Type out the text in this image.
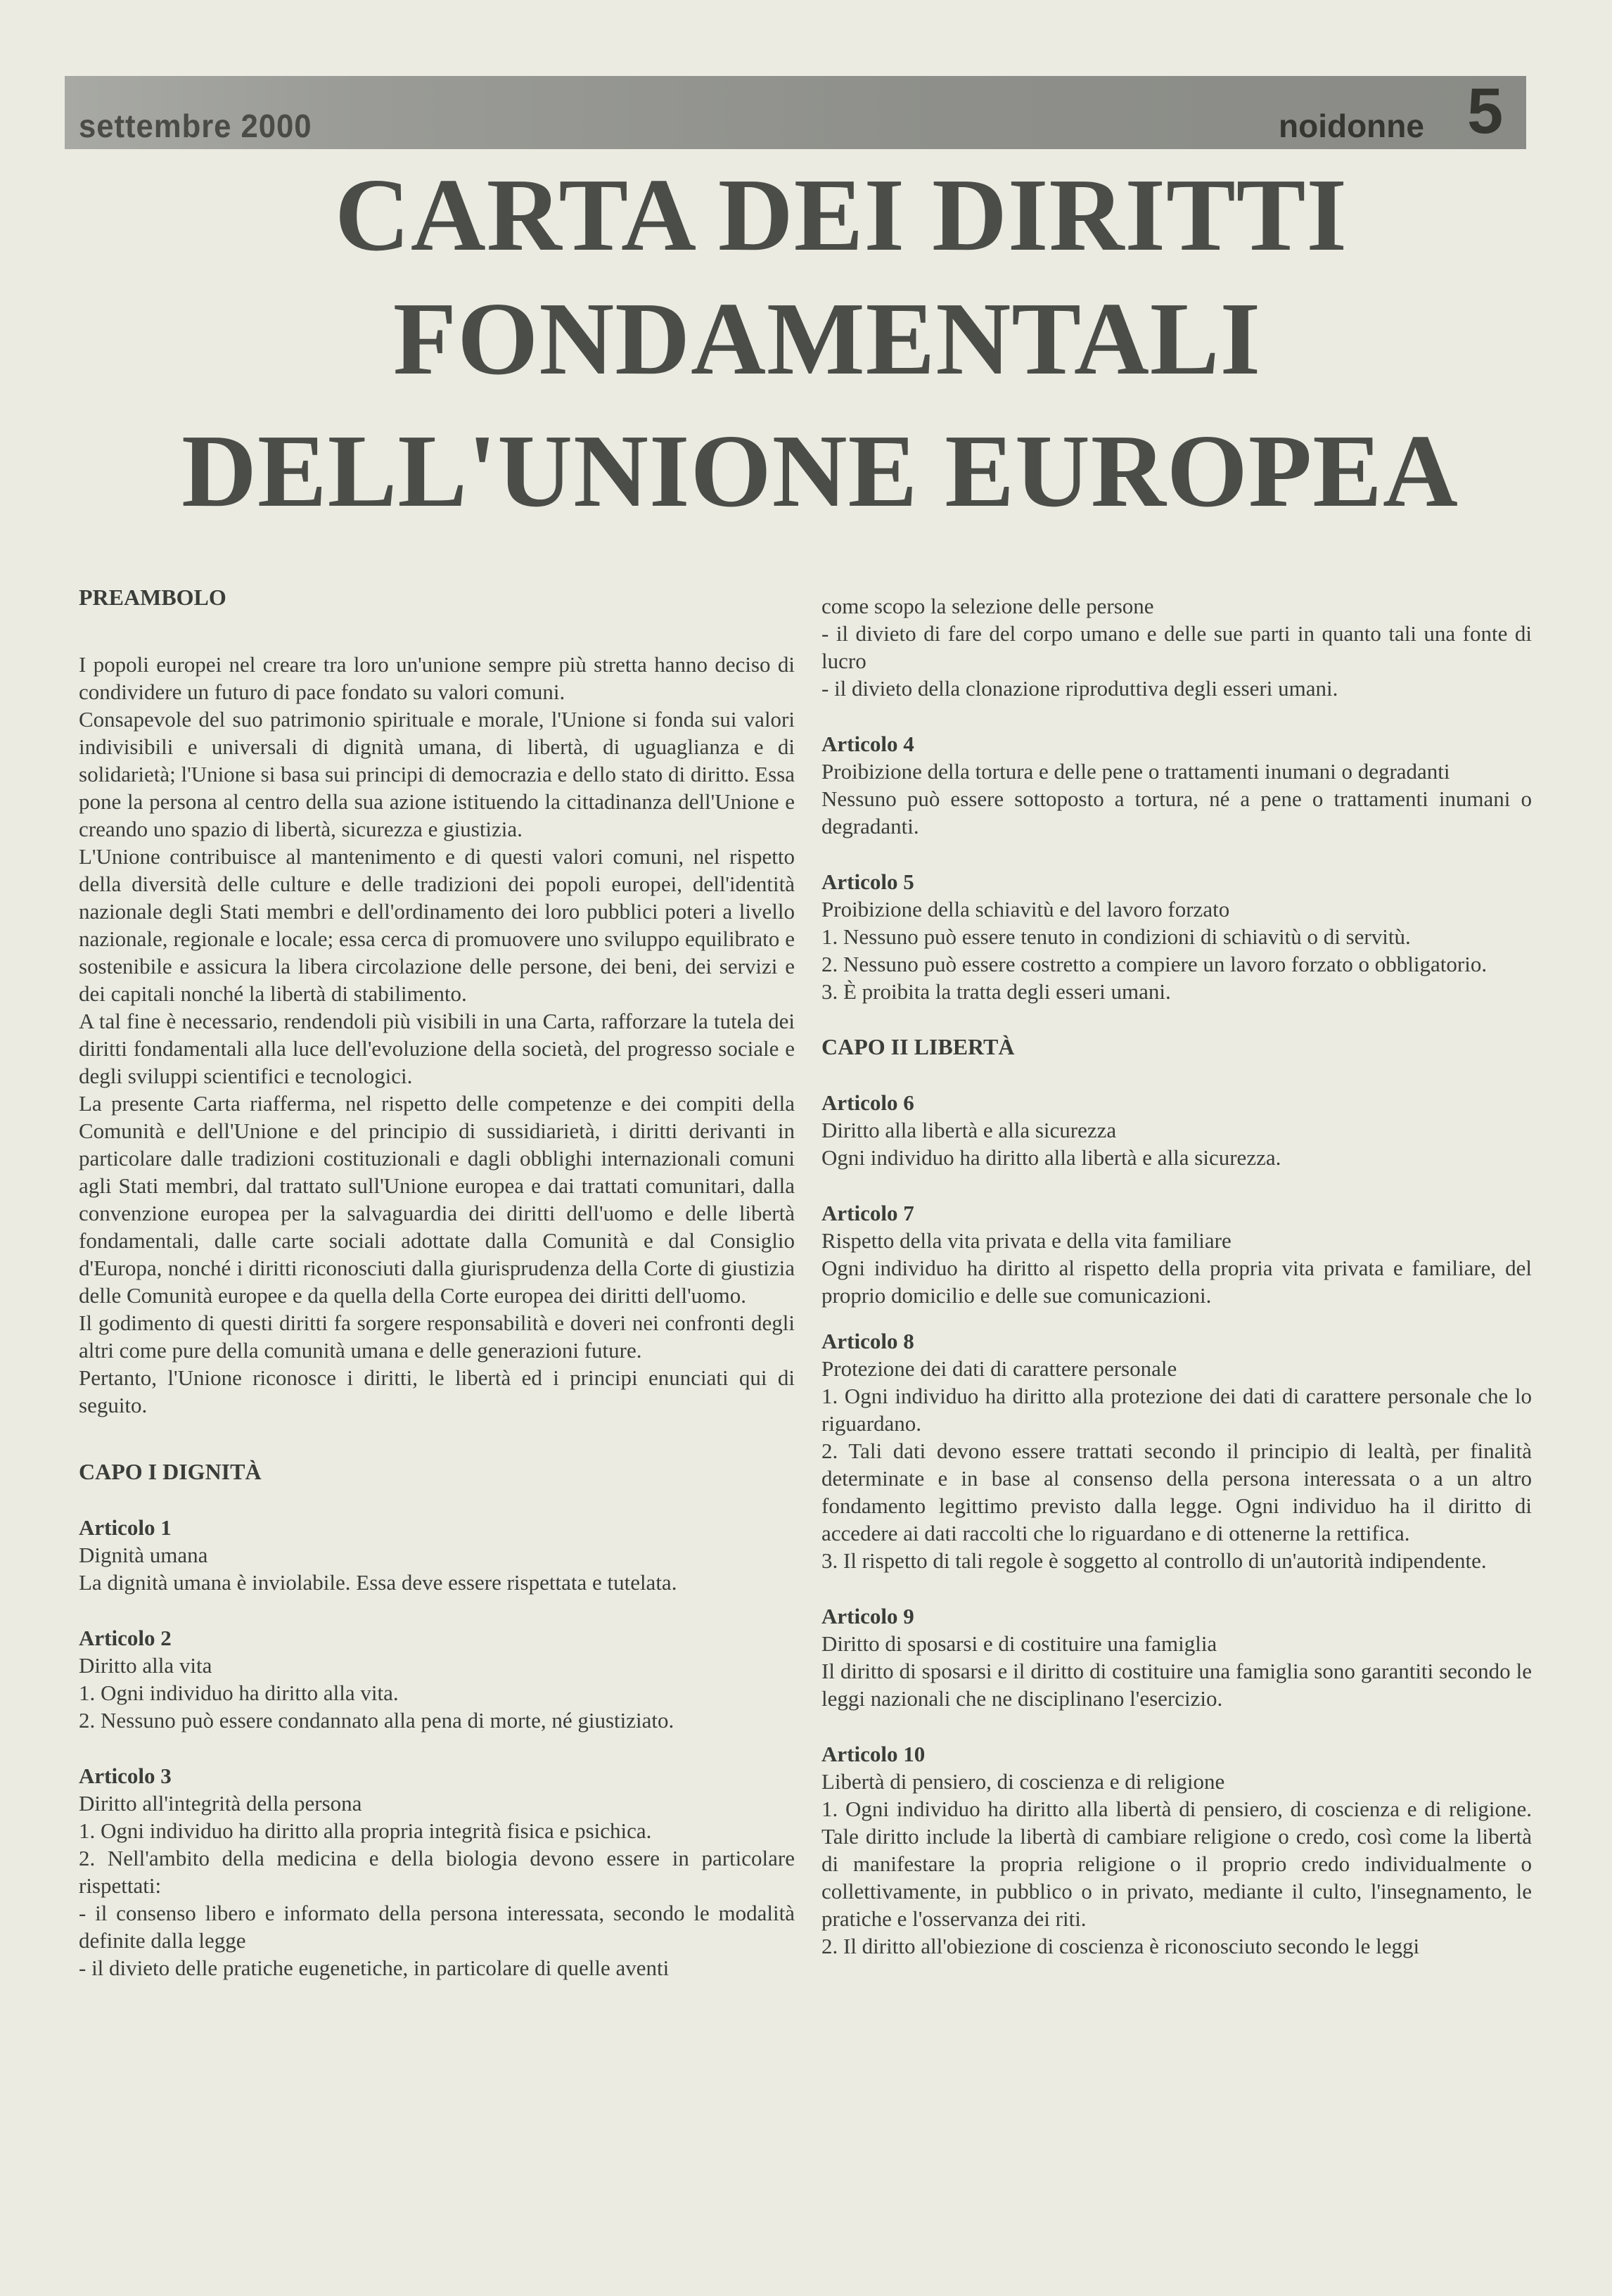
settembre 2000	noidonne 5
CARTA DEI DIRITTI
FONDAMENTALI
DELL'UNIONE EUROPEA

PREAMBOLO

I popoli europei nel creare tra loro un'unione sempre più stretta hanno deciso di condividere un futuro di pace fondato su valori comuni.

Consapevole del suo patrimonio spirituale e morale, l'Unione si fonda sui valori indivisibili e universali di dignità umana, di libertà, di uguaglianza e di solidarietà; l'Unione si basa sui principi di democrazia e dello stato di diritto. Essa pone la persona al centro della sua azione istituendo la cittadinanza dell'Unione e creando uno spazio di libertà, sicurezza e giustizia.

L'Unione contribuisce al mantenimento e di questi valori comuni, nel rispetto della diversità delle culture e delle tradizioni dei popoli europei, dell'identità nazionale degli Stati membri e dell'ordinamento dei loro pubblici poteri a livello nazionale, regionale e locale; essa cerca di promuovere uno sviluppo equilibrato e sostenibile e assicura la libera circolazione delle persone, dei beni, dei servizi e dei capitali nonché la libertà di stabilimento.

A tal fine è necessario, rendendoli più visibili in una Carta, rafforzare la tutela dei diritti fondamentali alla luce dell'evoluzione della società, del progresso sociale e degli sviluppi scientifici e tecnologici.

La presente Carta riafferma, nel rispetto delle competenze e dei compiti della Comunità e dell'Unione e del principio di sussidiarietà, i diritti derivanti in particolare dalle tradizioni costituzionali e dagli obblighi internazionali comuni agli Stati membri, dal trattato sull'Unione europea e dai trattati comunitari, dalla convenzione europea per la salvaguardia dei diritti dell'uomo e delle libertà fondamentali, dalle carte sociali adottate dalla Comunità e dal Consiglio d'Europa, nonché i diritti riconosciuti dalla giurisprudenza della Corte di giustizia delle Comunità europee e da quella della Corte europea dei diritti dell'uomo.

Il godimento di questi diritti fa sorgere responsabilità e doveri nei confronti degli altri come pure della comunità umana e delle generazioni future.

Pertanto, l'Unione riconosce i diritti, le libertà ed i principi enunciati qui di seguito.

CAPO I DIGNITÀ

Articolo 1

Dignità umana

La dignità umana è inviolabile. Essa deve essere rispettata e tutelata.

Articolo 2

Diritto alla vita

1. Ogni individuo ha diritto alla vita.

2. Nessuno può essere condannato alla pena di morte, né giustiziato.

Articolo 3

Diritto all'integrità della persona

1. Ogni individuo ha diritto alla propria integrità fisica e psichica.

2. Nell'ambito della medicina e della biologia devono essere in particolare rispettati:

- il consenso libero e informato della persona interessata, secondo le modalità definite dalla legge

- il divieto delle pratiche eugenetiche, in particolare di quelle aventi

come scopo la selezione delle persone

- il divieto di fare del corpo umano e delle sue parti in quanto tali una fonte di lucro

- il divieto della clonazione riproduttiva degli esseri umani.

Articolo 4

Proibizione della tortura e delle pene o trattamenti inumani o degradanti

Nessuno può essere sottoposto a tortura, né a pene o trattamenti inumani o degradanti.

Articolo 5

Proibizione della schiavitù e del lavoro forzato

1. Nessuno può essere tenuto in condizioni di schiavitù o di servitù.

2. Nessuno può essere costretto a compiere un lavoro forzato o obbligatorio.

3. È proibita la tratta degli esseri umani.

CAPO II LIBERTÀ

Articolo 6

Diritto alla libertà e alla sicurezza

Ogni individuo ha diritto alla libertà e alla sicurezza.

Articolo 7

Rispetto della vita privata e della vita familiare

Ogni individuo ha diritto al rispetto della propria vita privata e familiare, del proprio domicilio e delle sue comunicazioni.

Articolo 8

Protezione dei dati di carattere personale

1. Ogni individuo ha diritto alla protezione dei dati di carattere personale che lo riguardano.

2. Tali dati devono essere trattati secondo il principio di lealtà, per finalità determinate e in base al consenso della persona interessata o a un altro fondamento legittimo previsto dalla legge. Ogni individuo ha il diritto di accedere ai dati raccolti che lo riguardano e di ottenerne la rettifica.

3. Il rispetto di tali regole è soggetto al controllo di un'autorità indipendente.

Articolo 9

Diritto di sposarsi e di costituire una famiglia

Il diritto di sposarsi e il diritto di costituire una famiglia sono garantiti secondo le leggi nazionali che ne disciplinano l'esercizio.

Articolo 10

Libertà di pensiero, di coscienza e di religione

1. Ogni individuo ha diritto alla libertà di pensiero, di coscienza e di religione. Tale diritto include la libertà di cambiare religione o credo, così come la libertà di manifestare la propria religione o il proprio credo individualmente o collettivamente, in pubblico o in privato, mediante il culto, l'insegnamento, le pratiche e l'osservanza dei riti.

2. Il diritto all'obiezione di coscienza è riconosciuto secondo le leggi
